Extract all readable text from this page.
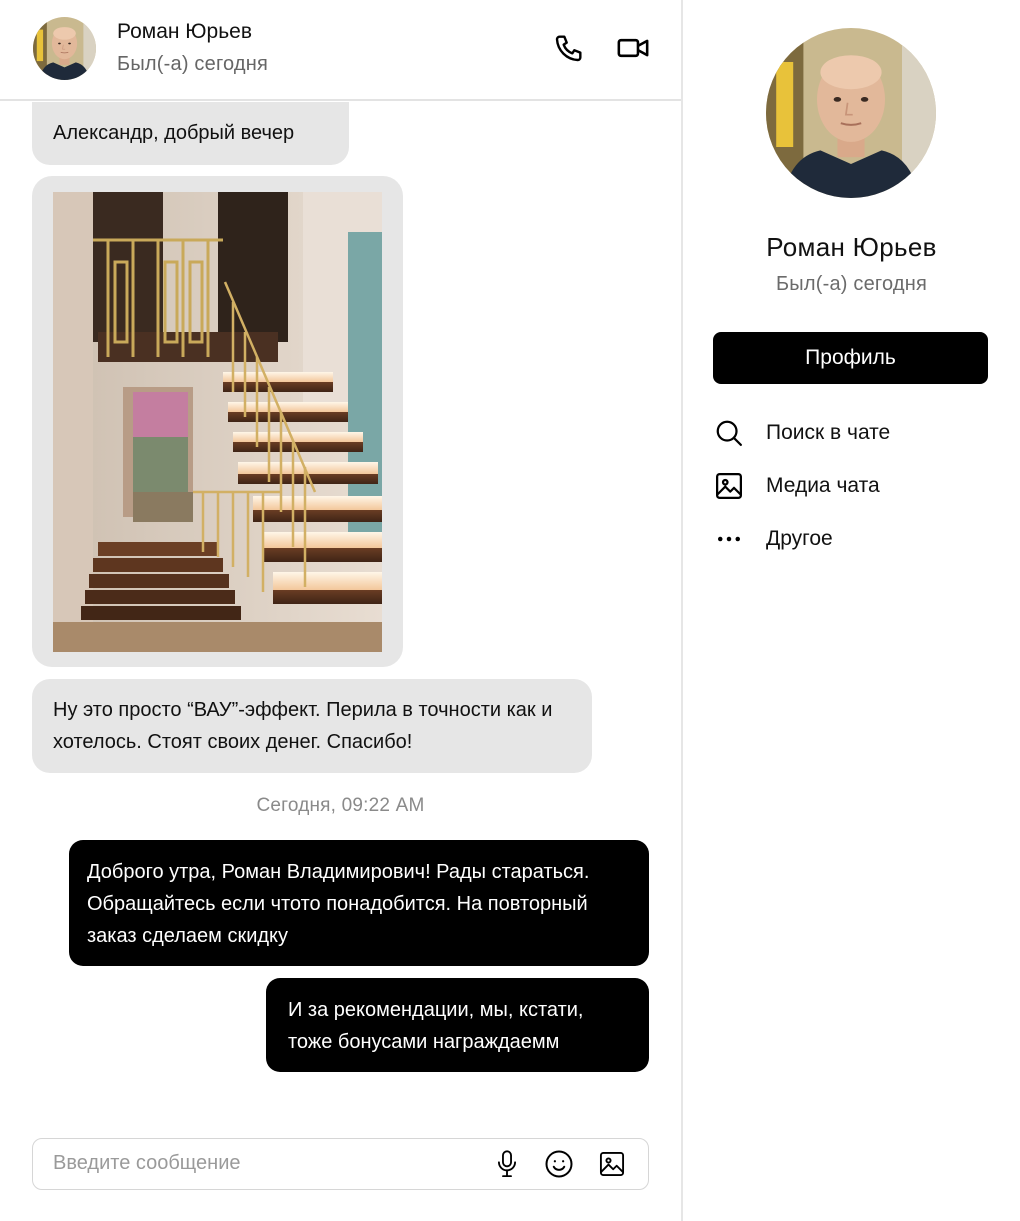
Роман Юрьев
Был(-а) сегодня
Александр, добрый вечер
Ну это просто “ВАУ”-эффект. Перила в точности как и хотелось. Стоят своих денег. Спасибо!
Сегодня, 09:22 AM
Доброго утра, Роман Владимирович! Рады стараться. Обращайтесь если чтото понадобится. На повторный заказ сделаем скидку
И за рекомендации, мы, кстати, тоже бонусами награждаемм
Введите сообщение
Роман Юрьев
Был(-а) сегодня
Профиль
Поиск в чате
Медиа чата
Другое
